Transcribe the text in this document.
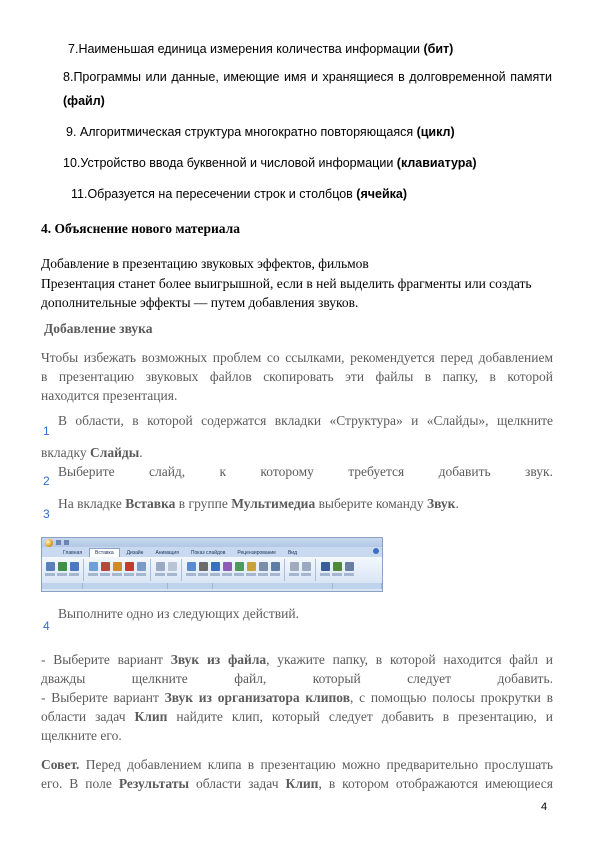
7.Наименьшая единица измерения количества информации (бит)
8.Программы или данные, имеющие имя и хранящиеся в долговременной памяти
(файл)
9. Алгоритмическая структура многократно повторяющаяся (цикл)
10.Устройство ввода буквенной и числовой информации (клавиатура)
11.Образуется на пересечении строк и столбцов (ячейка)
4. Объяснение нового материала
Добавление в презентацию звуковых эффектов, фильмов
Презентация станет более выигрышной, если в ней выделить фрагменты или создать
дополнительные эффекты — путем добавления звуков.
Добавление звука
Чтобы избежать возможных проблем со ссылками, рекомендуется перед добавлением
в презентацию звуковых файлов скопировать эти файлы в папку, в которой
находится презентация.
В области, в которой содержатся вкладки «Структура» и «Слайды», щелкните
1
вкладку Слайды.
Выберите слайд, к которому требуется добавить звук.
2
На вкладке Вставка в группе Мультимедиа выберите команду Звук.
3
Главная	Вставка	Дизайн	Анимация	Показ слайдов	Рецензирование	Вид
Выполните одно из следующих действий.
4
- Выберите вариант Звук из файла, укажите папку, в которой находится файл и
дважды щелкните файл, который следует добавить.
- Выберите вариант Звук из организатора клипов, с помощью полосы прокрутки в
области задач Клип найдите клип, который следует добавить в презентацию, и
щелкните его.
Совет. Перед добавлением клипа в презентацию можно предварительно прослушать
его. В поле Результаты области задач Клип, в котором отображаются имеющиеся
4
